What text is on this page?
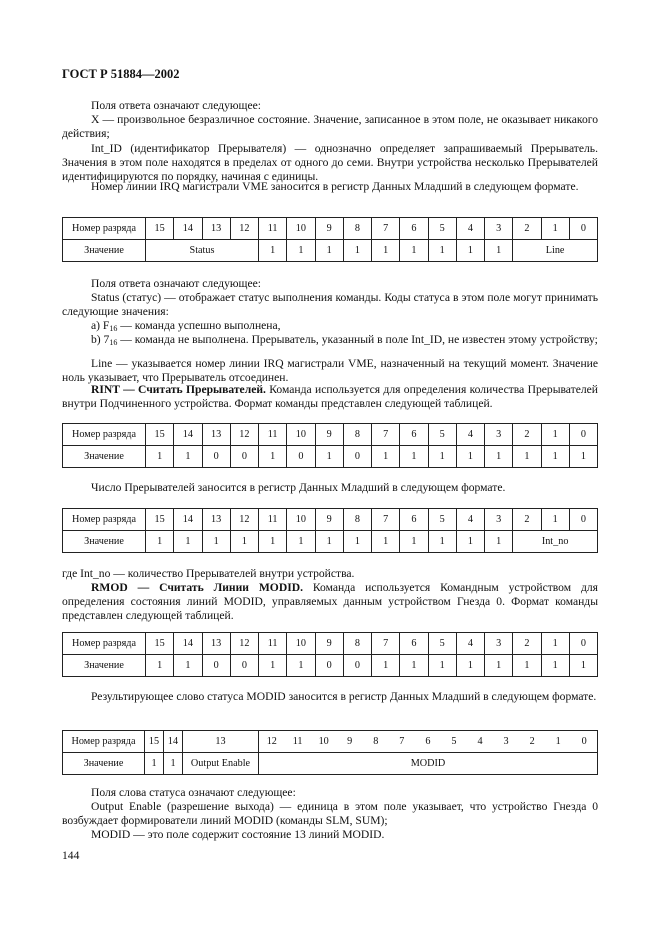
ГОСТ Р 51884—2002

Поля ответа означают следующее:

X — произвольное безразличное состояние. Значение, записанное в этом поле, не оказывает никакого действия;

Int_ID (идентификатор Прерывателя) — однозначно определяет запрашиваемый Прерыватель. Значения в этом поле находятся в пределах от одного до семи. Внутри устройства несколько Прерывателей идентифицируются по порядку, начиная с единицы.

Номер линии IRQ магистрали VME заносится в регистр Данных Младший в следующем формате.

Номер разряда	15	14	13	12	11	10	9	8	7	6	5	4	3	2	1	0
Значение	Status				1	1	1	1	1	1	1	1	1	Line		

Поля ответа означают следующее:

Status (статус) — отображает статус выполнения команды. Коды статуса в этом поле могут принимать следующие значения:

а) $F_{16}$ — команда успешно выполнена,

b) $7_{16}$ — команда не выполнена. Прерыватель, указанный в поле Int_ID, не известен этому устройству;

Line — указывается номер линии IRQ магистрали VME, назначенный на текущий момент. Значение ноль указывает, что Прерыватель отсоединен.

RINT — Считать Прерывателей. Команда используется для определения количества Прерывателей внутри Подчиненного устройства. Формат команды представлен следующей таблицей.

Номер разряда	15	14	13	12	11	10	9	8	7	6	5	4	3	2	1	0
Значение	1	1	0	0	1	0	1	0	1	1	1	1	1	1	1	1

Число Прерывателей заносится в регистр Данных Младший в следующем формате.

Номер разряда	15	14	13	12	11	10	9	8	7	6	5	4	3	2	1	0
Значение	1	1	1	1	1	1	1	1	1	1	1	1	1	Int_no		

где Int_no — количество Прерывателей внутри устройства.

RMOD — Считать Линии MODID. Команда используется Командным устройством для определения состояния линий MODID, управляемых данным устройством Гнезда 0. Формат команды представлен следующей таблицей.

Номер разряда	15	14	13	12	11	10	9	8	7	6	5	4	3	2	1	0
Значение	1	1	0	0	1	1	0	0	1	1	1	1	1	1	1	1

Результирующее слово статуса MODID заносится в регистр Данных Младший в следующем формате.

Номер разряда	15	14	13	12	11	10	9	8	7	6	5	4	3	2	1	0
Значение	1	1	Output Enable	MODID												

Поля слова статуса означают следующее:

Output Enable (разрешение выхода) — единица в этом поле указывает, что устройство Гнезда 0 возбуждает формирователи линий MODID (команды SLM, SUM);

MODID — это поле содержит состояние 13 линий MODID.

144
